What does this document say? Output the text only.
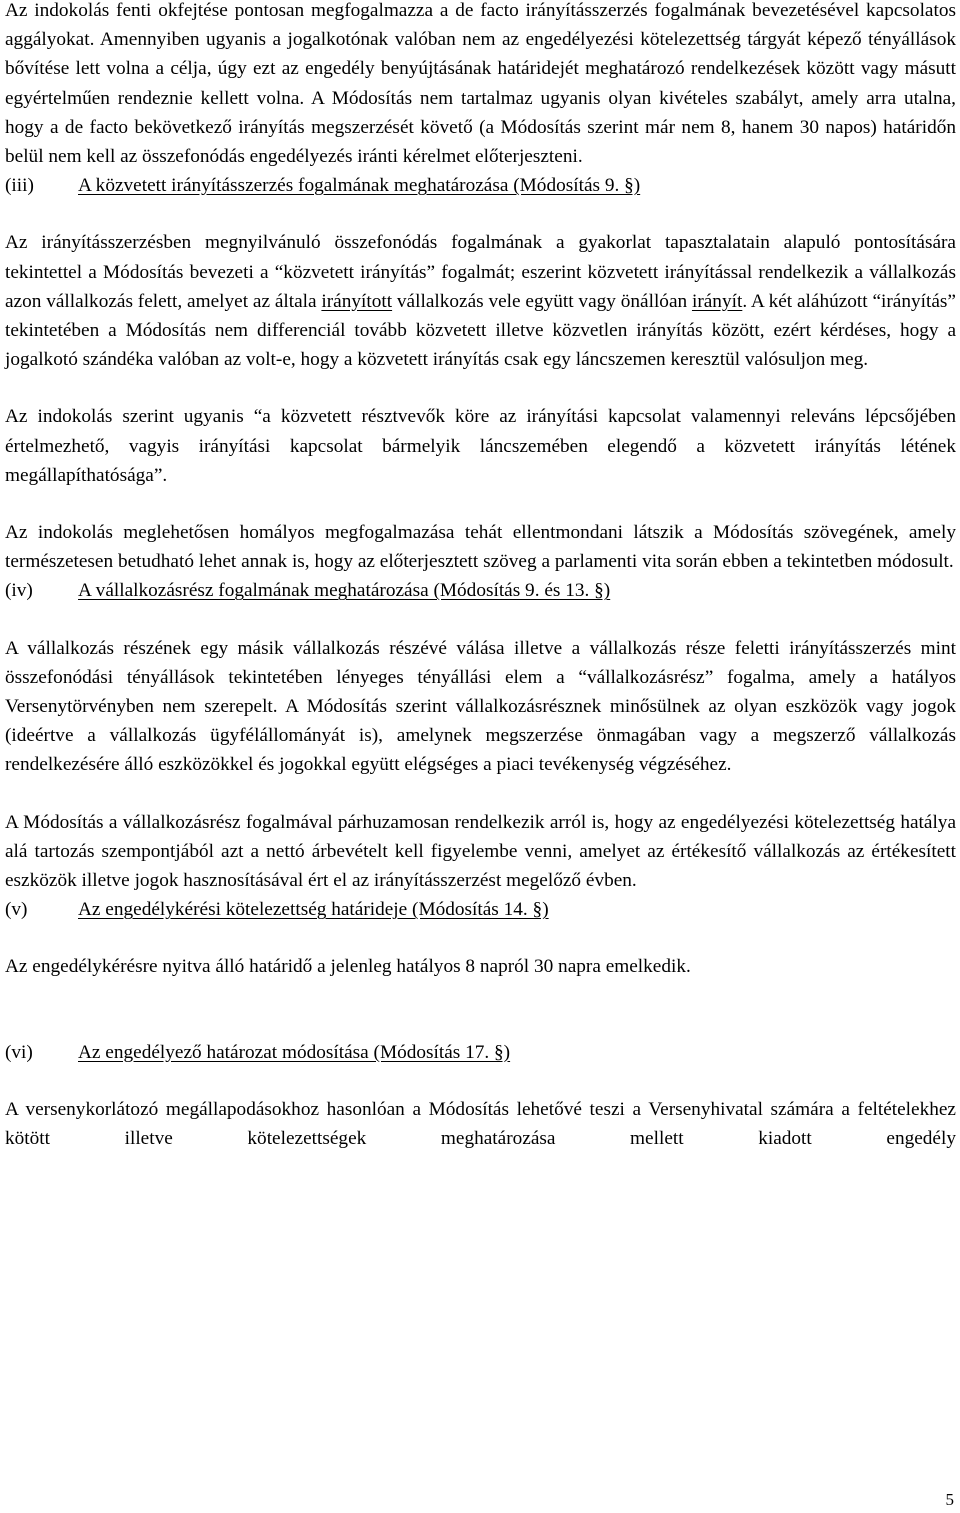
Az indokolás fenti okfejtése pontosan megfogalmazza a de facto irányításszerzés fogalmának bevezetésével kapcsolatos aggályokat. Amennyiben ugyanis a jogalkotónak valóban nem az engedélyezési kötelezettség tárgyát képező tényállások bővítése lett volna a célja, úgy ezt az engedély benyújtásának határidejét meghatározó rendelkezések között vagy másutt egyértelműen rendeznie kellett volna. A Módosítás nem tartalmaz ugyanis olyan kivételes szabályt, amely arra utalna, hogy a de facto bekövetkező irányítás megszerzését követő (a Módosítás szerint már nem 8, hanem 30 napos) határidőn belül nem kell az összefonódás engedélyezés iránti kérelmet előterjeszteni.

(iii)	A közvetett irányításszerzés fogalmának meghatározása (Módosítás 9. §)

Az irányításszerzésben megnyilvánuló összefonódás fogalmának a gyakorlat tapasztalatain alapuló pontosítására tekintettel a Módosítás bevezeti a “közvetett irányítás” fogalmát; eszerint közvetett irányítással rendelkezik a vállalkozás azon vállalkozás felett, amelyet az általa irányított vállalkozás vele együtt vagy önállóan irányít. A két aláhúzott “irányítás” tekintetében a Módosítás nem differenciál tovább közvetett illetve közvetlen irányítás között, ezért kérdéses, hogy a jogalkotó szándéka valóban az volt-e, hogy a közvetett irányítás csak egy láncszemen keresztül valósuljon meg.

Az indokolás szerint ugyanis “a közvetett résztvevők köre az irányítási kapcsolat valamennyi releváns lépcsőjében értelmezhető, vagyis irányítási kapcsolat bármelyik láncszemében elegendő a közvetett irányítás létének megállapíthatósága”.

Az indokolás meglehetősen homályos megfogalmazása tehát ellentmondani látszik a Módosítás szövegének, amely természetesen betudható lehet annak is, hogy az előterjesztett szöveg a parlamenti vita során ebben a tekintetben módosult.

(iv)	A vállalkozásrész fogalmának meghatározása (Módosítás 9. és 13. §)

A vállalkozás részének egy másik vállalkozás részévé válása illetve a vállalkozás része feletti irányításszerzés mint összefonódási tényállások tekintetében lényeges tényállási elem a “vállalkozásrész” fogalma, amely a hatályos Versenytörvényben nem szerepelt. A Módosítás szerint vállalkozásrésznek minősülnek az olyan eszközök vagy jogok (ideértve a vállalkozás ügyfélállományát is), amelynek megszerzése önmagában vagy a megszerző vállalkozás rendelkezésére álló eszközökkel és jogokkal együtt elégséges a piaci tevékenység végzéséhez.

A Módosítás a vállalkozásrész fogalmával párhuzamosan rendelkezik arról is, hogy az engedélyezési kötelezettség hatálya alá tartozás szempontjából azt a nettó árbevételt kell figyelembe venni, amelyet az értékesítő vállalkozás az értékesített eszközök illetve jogok hasznosításával ért el az irányításszerzést megelőző évben.

(v)	Az engedélykérési kötelezettség határideje (Módosítás 14. §)

Az engedélykérésre nyitva álló határidő a jelenleg hatályos 8 napról 30 napra emelkedik.

(vi)	Az engedélyező határozat módosítása (Módosítás 17. §)

A versenykorlátozó megállapodásokhoz hasonlóan a Módosítás lehetővé teszi a Versenyhivatal számára a feltételekhez kötött illetve kötelezettségek meghatározása mellett kiadott engedély

5
